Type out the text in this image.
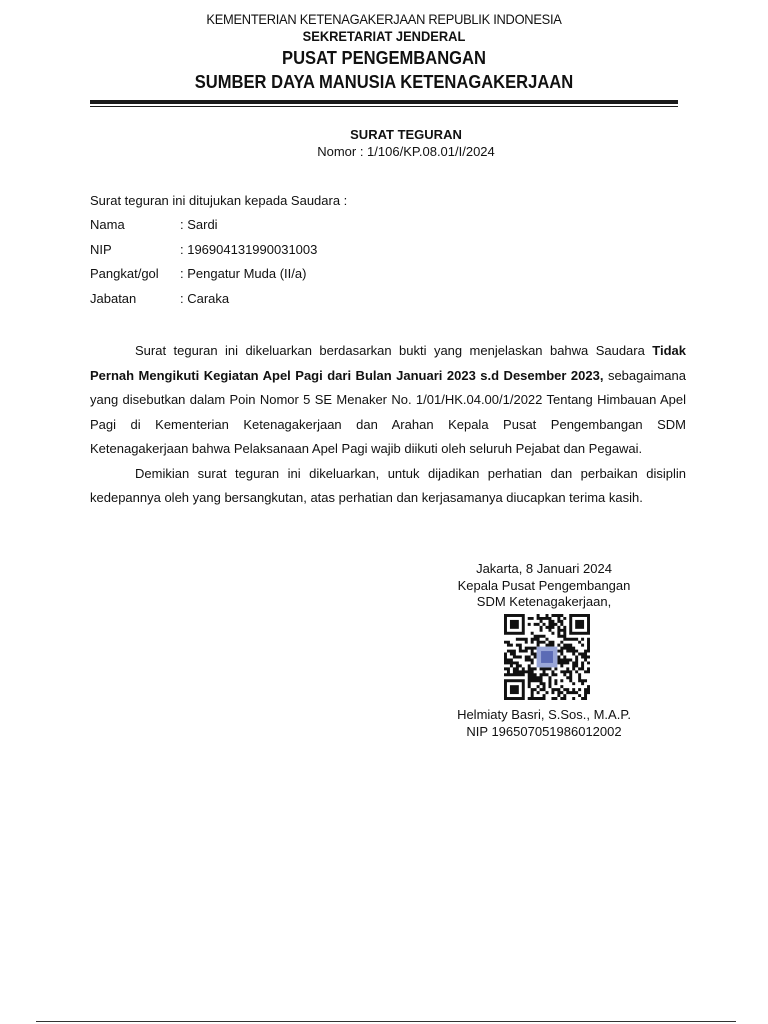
KEMENTERIAN KETENAGAKERJAAN REPUBLIK INDONESIA
SEKRETARIAT JENDERAL
PUSAT PENGEMBANGAN
SUMBER DAYA MANUSIA KETENAGAKERJAAN
SURAT TEGURAN
Nomor : 1/106/KP.08.01/I/2024
Surat teguran ini ditujukan kepada Saudara :
Nama	: Sardi
NIP	: 196904131990031003
Pangkat/gol : Pengatur Muda (II/a)
Jabatan	: Caraka

Surat teguran ini dikeluarkan berdasarkan bukti yang menjelaskan bahwa Saudara Tidak Pernah Mengikuti Kegiatan Apel Pagi dari Bulan Januari 2023 s.d Desember 2023, sebagaimana yang disebutkan dalam Poin Nomor 5 SE Menaker No. 1/01/HK.04.00/1/2022 Tentang Himbauan Apel Pagi di Kementerian Ketenagakerjaan dan Arahan Kepala Pusat Pengembangan SDM Ketenagakerjaan bahwa Pelaksanaan Apel Pagi wajib diikuti oleh seluruh Pejabat dan Pegawai.

Demikian surat teguran ini dikeluarkan, untuk dijadikan perhatian dan perbaikan disiplin kedepannya oleh yang bersangkutan, atas perhatian dan kerjasamanya diucapkan terima kasih.

Jakarta, 8 Januari 2024
Kepala Pusat Pengembangan
SDM Ketenagakerjaan,
Helmiaty Basri, S.Sos., M.A.P.
NIP 196507051986012002
